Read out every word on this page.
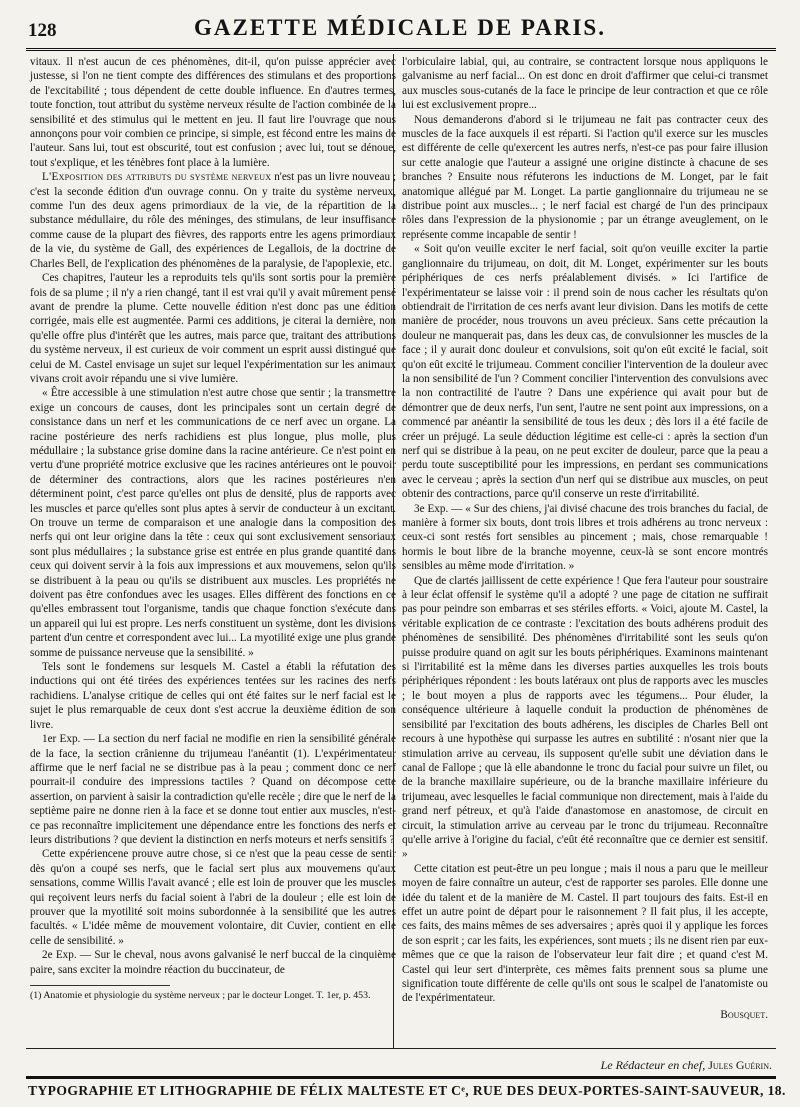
128	GAZETTE MÉDICALE DE PARIS.

vitaux. Il n'est aucun de ces phénomènes, dit-il, qu'on puisse apprécier avec justesse, si l'on ne tient compte des différences des stimulans et des proportions de l'excitabilité ; tous dépendent de cette double influence. En d'autres termes, toute fonction, tout attribut du système nerveux résulte de l'action combinée de la sensibilité et des stimulus qui le mettent en jeu. Il faut lire l'ouvrage que nous annonçons pour voir combien ce principe, si simple, est fécond entre les mains de l'auteur. Sans lui, tout est obscurité, tout est confusion ; avec lui, tout se dénoue, tout s'explique, et les ténèbres font place à la lumière.

L'Exposition des attributs du système nerveux n'est pas un livre nouveau ; c'est la seconde édition d'un ouvrage connu. On y traite du système nerveux, comme l'un des deux agens primordiaux de la vie, de la répartition de la substance médullaire, du rôle des méninges, des stimulans, de leur insuffisance comme cause de la plupart des fièvres, des rapports entre les agens primordiaux de la vie, du système de Gall, des expériences de Legallois, de la doctrine de Charles Bell, de l'explication des phénomènes de la paralysie, de l'apoplexie, etc.

Ces chapitres, l'auteur les a reproduits tels qu'ils sont sortis pour la première fois de sa plume ; il n'y a rien changé, tant il est vrai qu'il y avait mûrement pensé avant de prendre la plume. Cette nouvelle édition n'est donc pas une édition corrigée, mais elle est augmentée. Parmi ces additions, je citerai la dernière, non qu'elle offre plus d'intérêt que les autres, mais parce que, traitant des attributions du système nerveux, il est curieux de voir comment un esprit aussi distingué que celui de M. Castel envisage un sujet sur lequel l'expérimentation sur les animaux vivans croit avoir répandu une si vive lumière.

« Être accessible à une stimulation n'est autre chose que sentir ; la transmettre exige un concours de causes, dont les principales sont un certain degré de consistance dans un nerf et les communications de ce nerf avec un organe. La racine postérieure des nerfs rachidiens est plus longue, plus molle, plus médullaire ; la substance grise domine dans la racine antérieure. Ce n'est point en vertu d'une propriété motrice exclusive que les racines antérieures ont le pouvoir de déterminer des contractions, alors que les racines postérieures n'en déterminent point, c'est parce qu'elles ont plus de densité, plus de rapports avec les muscles et parce qu'elles sont plus aptes à servir de conducteur à un excitant. On trouve un terme de comparaison et une analogie dans la composition des nerfs qui ont leur origine dans la tête : ceux qui sont exclusivement sensoriaux sont plus médullaires ; la substance grise est entrée en plus grande quantité dans ceux qui doivent servir à la fois aux impressions et aux mouvemens, selon qu'ils se distribuent à la peau ou qu'ils se distribuent aux muscles. Les propriétés ne doivent pas être confondues avec les usages. Elles diffèrent des fonctions en ce qu'elles embrassent tout l'organisme, tandis que chaque fonction s'exécute dans un appareil qui lui est propre. Les nerfs constituent un système, dont les divisions partent d'un centre et correspondent avec lui... La myotilité exige une plus grande somme de puissance nerveuse que la sensibilité. »

Tels sont le fondemens sur lesquels M. Castel a établi la réfutation des inductions qui ont été tirées des expériences tentées sur les racines des nerfs rachidiens. L'analyse critique de celles qui ont été faites sur le nerf facial est le sujet le plus remarquable de ceux dont s'est accrue la deuxième édition de son livre.

1er Exp. — La section du nerf facial ne modifie en rien la sensibilité générale de la face, la section crânienne du trijumeau l'anéantit (1). L'expérimentateur affirme que le nerf facial ne se distribue pas à la peau ; comment donc ce nerf pourrait-il conduire des impressions tactiles ? Quand on décompose cette assertion, on parvient à saisir la contradiction qu'elle recèle ; dire que le nerf de la septième paire ne donne rien à la face et se donne tout entier aux muscles, n'est-ce pas reconnaître implicitement une dépendance entre les fonctions des nerfs et leurs distributions ? que devient la distinction en nerfs moteurs et nerfs sensitifs ?

Cette expériencene prouve autre chose, si ce n'est que la peau cesse de sentir dès qu'on a coupé ses nerfs, que le facial sert plus aux mouvemens qu'aux sensations, comme Willis l'avait avancé ; elle est loin de prouver que les muscles qui reçoivent leurs nerfs du facial soient à l'abri de la douleur ; elle est loin de prouver que la myotilité soit moins subordonnée à la sensibilité que les autres facultés. « L'idée même de mouvement volontaire, dit Cuvier, contient en elle celle de sensibilité. »

2e Exp. — Sur le cheval, nous avons galvanisé le nerf buccal de la cinquième paire, sans exciter la moindre réaction du buccinateur, de

(1) Anatomie et physiologie du système nerveux ; par le docteur Longet. T. 1er, p. 453.

l'orbiculaire labial, qui, au contraire, se contractent lorsque nous appliquons le galvanisme au nerf facial... On est donc en droit d'affirmer que celui-ci transmet aux muscles sous-cutanés de la face le principe de leur contraction et que ce rôle lui est exclusivement propre...

Nous demanderons d'abord si le trijumeau ne fait pas contracter ceux des muscles de la face auxquels il est réparti. Si l'action qu'il exerce sur les muscles est différente de celle qu'exercent les autres nerfs, n'est-ce pas pour faire illusion sur cette analogie que l'auteur a assigné une origine distincte à chacune de ses branches ? Ensuite nous réfuterons les inductions de M. Longet, par le fait anatomique allégué par M. Longet. La partie ganglionnaire du trijumeau ne se distribue point aux muscles... ; le nerf facial est chargé de l'un des principaux rôles dans l'expression de la physionomie ; par un étrange aveuglement, on le représente comme incapable de sentir !

« Soit qu'on veuille exciter le nerf facial, soit qu'on veuille exciter la partie ganglionnaire du trijumeau, on doit, dit M. Longet, expérimenter sur les bouts périphériques de ces nerfs préalablement divisés. » Ici l'artifice de l'expérimentateur se laisse voir : il prend soin de nous cacher les résultats qu'on obtiendrait de l'irritation de ces nerfs avant leur division. Dans les motifs de cette manière de procéder, nous trouvons un aveu précieux. Sans cette précaution la douleur ne manquerait pas, dans les deux cas, de convulsionner les muscles de la face ; il y aurait donc douleur et convulsions, soit qu'on eût excité le facial, soit qu'on eût excité le trijumeau. Comment concilier l'intervention de la douleur avec la non sensibilité de l'un ? Comment concilier l'intervention des convulsions avec la non contractilité de l'autre ? Dans une expérience qui avait pour but de démontrer que de deux nerfs, l'un sent, l'autre ne sent point aux impressions, on a commencé par anéantir la sensibilité de tous les deux ; dès lors il a été facile de créer un préjugé. La seule déduction légitime est celle-ci : après la section d'un nerf qui se distribue à la peau, on ne peut exciter de douleur, parce que la peau a perdu toute susceptibilité pour les impressions, en perdant ses communications avec le cerveau ; après la section d'un nerf qui se distribue aux muscles, on peut obtenir des contractions, parce qu'il conserve un reste d'irritabilité.

3e Exp. — « Sur des chiens, j'ai divisé chacune des trois branches du facial, de manière à former six bouts, dont trois libres et trois adhérens au tronc nerveux : ceux-ci sont restés fort sensibles au pincement ; mais, chose remarquable ! hormis le bout libre de la branche moyenne, ceux-là se sont encore montrés sensibles au même mode d'irritation. »

Que de clartés jaillissent de cette expérience ! Que fera l'auteur pour soustraire à leur éclat offensif le système qu'il a adopté ? une page de citation ne suffirait pas pour peindre son embarras et ses stériles efforts. « Voici, ajoute M. Castel, la véritable explication de ce contraste : l'excitation des bouts adhérens produit des phénomènes de sensibilité. Des phénomènes d'irritabilité sont les seuls qu'on puisse produire quand on agit sur les bouts périphériques. Examinons maintenant si l'irritabilité est la même dans les diverses parties auxquelles les trois bouts périphériques répondent : les bouts latéraux ont plus de rapports avec les muscles ; le bout moyen a plus de rapports avec les tégumens... Pour éluder, la conséquence ultérieure à laquelle conduit la production de phénomènes de sensibilité par l'excitation des bouts adhérens, les disciples de Charles Bell ont recours à une hypothèse qui surpasse les autres en subtilité : n'osant nier que la stimulation arrive au cerveau, ils supposent qu'elle subit une déviation dans le canal de Fallope ; que là elle abandonne le tronc du facial pour suivre un filet, ou de la branche maxillaire supérieure, ou de la branche maxillaire inférieure du trijumeau, avec lesquelles le facial communique non directement, mais à l'aide du grand nerf pétreux, et qu'à l'aide d'anastomose en anastomose, de circuit en circuit, la stimulation arrive au cerveau par le tronc du trijumeau. Reconnaître qu'elle arrive à l'origine du facial, c'eût été reconnaître que ce dernier est sensitif. »

Cette citation est peut-être un peu longue ; mais il nous a paru que le meilleur moyen de faire connaître un auteur, c'est de rapporter ses paroles. Elle donne une idée du talent et de la manière de M. Castel. Il part toujours des faits. Est-il en effet un autre point de départ pour le raisonnement ? Il fait plus, il les accepte, ces faits, des mains mêmes de ses adversaires ; après quoi il y applique les forces de son esprit ; car les faits, les expériences, sont muets ; ils ne disent rien par eux-mêmes que ce que la raison de l'observateur leur fait dire ; et quand c'est M. Castel qui leur sert d'interprète, ces mêmes faits prennent sous sa plume une signification toute différente de celle qu'ils ont sous le scalpel de l'anatomiste ou de l'expérimentateur.

Bousquet.

Le Rédacteur en chef, Jules Guérin.
TYPOGRAPHIE ET LITHOGRAPHIE DE FÉLIX MALTESTE ET Cᵉ, RUE DES DEUX-PORTES-SAINT-SAUVEUR, 18.
